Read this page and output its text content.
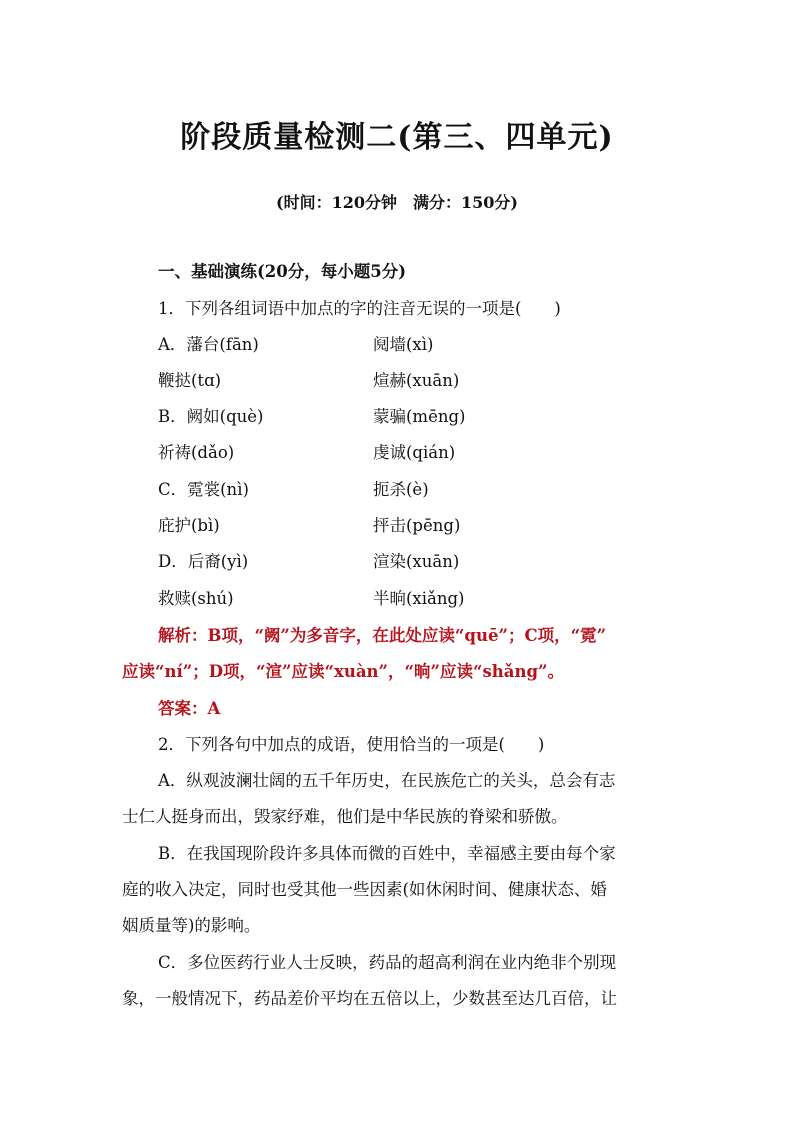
阶段质量检测二(第三、四单元)
(时间：120分钟　满分：150分)
一、基础演练(20分，每小题5分)
1．下列各组词语中加点的字的注音无误的一项是(　　)
A．藩台(fān)	阋墙(xì)
鞭挞(tɑ)	煊赫(xuān)
B．阙如(què)	蒙骗(mēng)
祈祷(dǎo)	虔诚(qián)
C．霓裳(nì)	扼杀(è)
庇护(bì)	抨击(pēng)
D．后裔(yì)	渲染(xuān)
救赎(shú)	半晌(xiǎng)
解析：B项，“阙”为多音字，在此处应读“quē”；C项，“霓”
应读“ní”；D项，“渲”应读“xuàn”，“晌”应读“shǎng”。
答案：A
2．下列各句中加点的成语，使用恰当的一项是(　　)
A．纵观波澜壮阔的五千年历史，在民族危亡的关头，总会有志
士仁人挺身而出，毁家纾难，他们是中华民族的脊梁和骄傲。
B．在我国现阶段许多具体而微的百姓中，幸福感主要由每个家
庭的收入决定，同时也受其他一些因素(如休闲时间、健康状态、婚
姻质量等)的影响。
C．多位医药行业人士反映，药品的超高利润在业内绝非个别现
象，一般情况下，药品差价平均在五倍以上，少数甚至达几百倍，让
